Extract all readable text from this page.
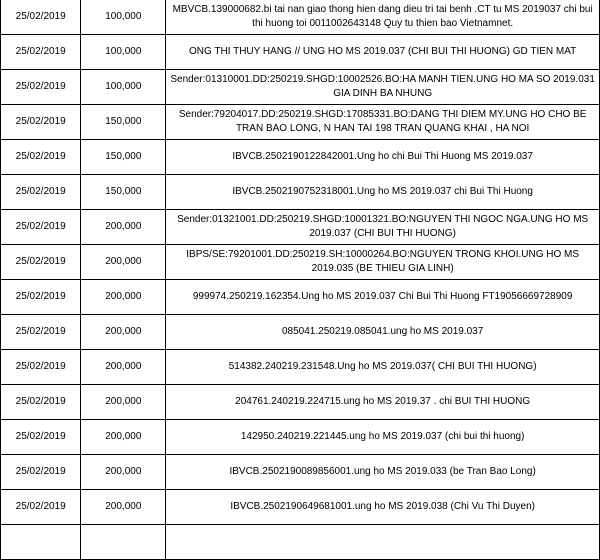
25/02/2019	100,000	MBVCB.139000682.bi tai nan giao thong hien dang dieu tri tai benh .CT tu MS 2019037 chi bui thi huong toi 0011002643148 Quy tu thien bao Vietnamnet.
25/02/2019	100,000	ONG THI THUY HANG // UNG HO MS 2019.037 (CHI BUI THI HUONG) GD TIEN MAT
25/02/2019	100,000	Sender:01310001.DD:250219.SHGD:10002526.BO:HA MANH TIEN.UNG HO MA SO 2019.031 GIA DINH BA NHUNG
25/02/2019	150,000	Sender:79204017.DD:250219.SHGD:17085331.BO:DANG THI DIEM MY.UNG HO CHO BE TRAN BAO LONG, N HAN TAI 198 TRAN QUANG KHAI , HA NOI
25/02/2019	150,000	IBVCB.2502190122842001.Ung ho chi Bui Thi Huong MS 2019.037
25/02/2019	150,000	IBVCB.2502190752318001.Ung ho MS 2019.037 chi Bui Thi Huong
25/02/2019	200,000	Sender:01321001.DD:250219.SHGD:10001321.BO:NGUYEN THI NGOC NGA.UNG HO MS 2019.037 (CHI BUI THI HUONG)
25/02/2019	200,000	IBPS/SE:79201001.DD:250219.SH:10000264.BO:NGUYEN TRONG KHOI.UNG HO MS 2019.035 (BE THIEU GIA LINH)
25/02/2019	200,000	999974.250219.162354.Ung ho MS 2019.037 Chi Bui Thi Huong FT19056669728909
25/02/2019	200,000	085041.250219.085041.ung ho MS 2019.037
25/02/2019	200,000	514382.240219.231548.Ung ho MS 2019.037( CHI BUI THI HUONG)
25/02/2019	200,000	204761.240219.224715.ung ho MS 2019.37 . chi BUI THI HUONG
25/02/2019	200,000	142950.240219.221445.ung ho MS 2019.037 (chi bui thi huong)
25/02/2019	200,000	IBVCB.2502190089856001.ung ho MS 2019.033 (be Tran Bao Long)
25/02/2019	200,000	IBVCB.2502190649681001.ung ho MS 2019.038 (Chi Vu Thi Duyen)
